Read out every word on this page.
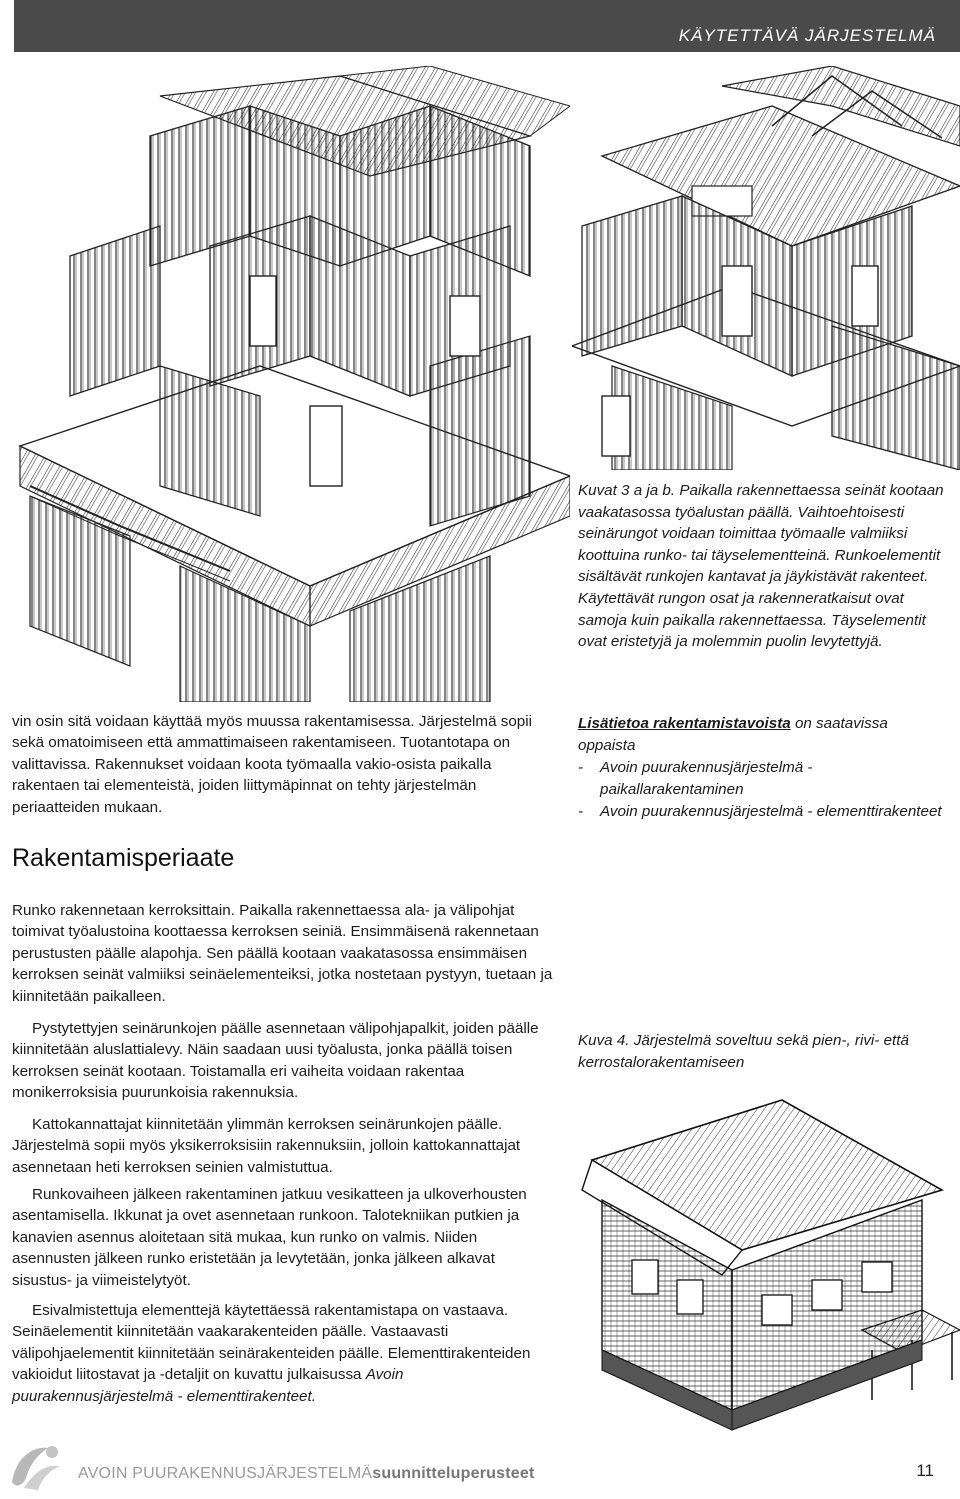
KÄYTETTÄVÄ JÄRJESTELMÄ

Kuvat 3 a ja b. Paikalla rakennettaessa seinät kootaan vaakatasossa työalustan päällä. Vaihtoehtoisesti seinärungot voidaan toimittaa työmaalle valmiiksi koottuina runko- tai täyselementteinä. Runkoelementit sisältävät runkojen kantavat ja jäykistävät rakenteet. Käytettävät rungon osat ja rakenneratkaisut ovat samoja kuin paikalla rakennettaessa. Täyselementit ovat eristetyjä ja molemmin puolin levytettyjä.

vin osin sitä voidaan käyttää myös muussa rakentamisessa. Järjestelmä sopii sekä omatoimiseen että ammattimaiseen rakentamiseen. Tuotantotapa on valittavissa. Rakennukset voidaan koota työmaalla vakio-osista paikalla rakentaen tai elementeistä, joiden liittymäpinnat on tehty järjestelmän periaatteiden mukaan.

Rakentamisperiaate
Lisätietoa rakentamistavoista on saatavissa oppaista
-	Avoin puurakennusjärjestelmä - paikallarakentaminen
-	Avoin puurakennusjärjestelmä - elementtirakenteet

Runko rakennetaan kerroksittain. Paikalla rakennettaessa ala- ja välipohjat toimivat työalustoina koottaessa kerroksen seiniä. Ensimmäisenä rakennetaan perustusten päälle alapohja. Sen päällä kootaan vaakatasossa ensimmäisen kerroksen seinät valmiiksi seinäelementeiksi, jotka nostetaan pystyyn, tuetaan ja kiinnitetään paikalleen.

Pystytettyjen seinärunkojen päälle asennetaan välipohjapalkit, joiden päälle kiinnitetään aluslattialevy. Näin saadaan uusi työalusta, jonka päällä toisen kerroksen seinät kootaan. Toistamalla eri vaiheita voidaan rakentaa monikerroksisia puurunkoisia rakennuksia.

Kattokannattajat kiinnitetään ylimmän kerroksen seinärunkojen päälle. Järjestelmä sopii myös yksikerroksisiin rakennuksiin, jolloin kattokannattajat asennetaan heti kerroksen seinien valmistuttua.

Runkovaiheen jälkeen rakentaminen jatkuu vesikatteen ja ulkoverhousten asentamisella. Ikkunat ja ovet asennetaan runkoon. Talotekniikan putkien ja kanavien asennus aloitetaan sitä mukaa, kun runko on valmis. Niiden asennusten jälkeen runko eristetään ja levytetään, jonka jälkeen alkavat sisustus- ja viimeistelytyöt.

Esivalmistettuja elementtejä käytettäessä rakentamistapa on vastaava. Seinäelementit kiinnitetään vaakarakenteiden päälle. Vastaavasti välipohjaelementit kiinnitetään seinärakenteiden päälle. Elementtirakenteiden vakioidut liitostavat ja -detaljit on kuvattu julkaisussa Avoin puurakennusjärjestelmä - elementtirakenteet.

Kuva 4. Järjestelmä soveltuu sekä pien-, rivi- että kerrostalorakentamiseen

AVOIN PUURAKENNUSJÄRJESTELMÄsuunnitteluperusteet	11
